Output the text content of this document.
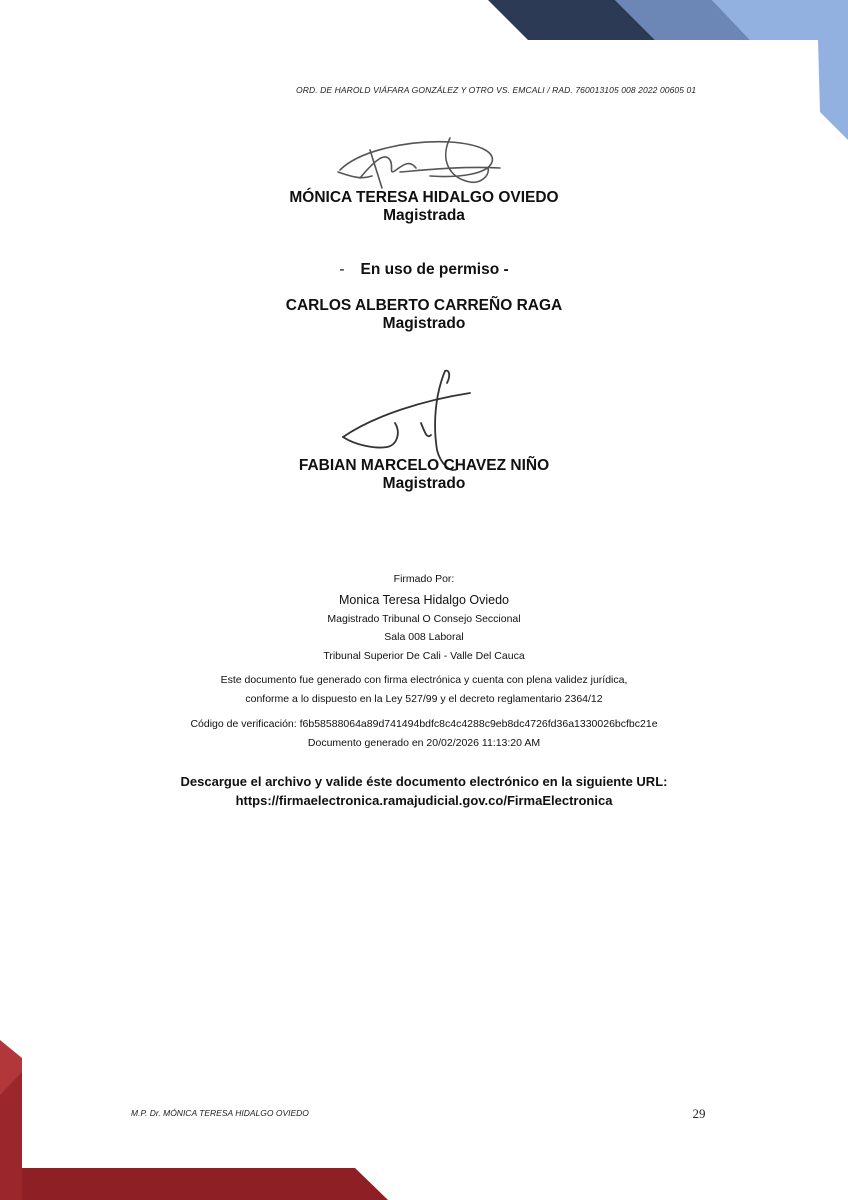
ORD. DE HAROLD VIÁFARA GONZÁLEZ Y OTRO VS. EMCALI / RAD. 760013105 008 2022 00605 01
MÓNICA TERESA HIDALGO OVIEDO
Magistrada
- En uso de permiso -
CARLOS ALBERTO CARREÑO RAGA
Magistrado
FABIAN MARCELO CHAVEZ NIÑO
Magistrado
Firmado Por:
Monica Teresa Hidalgo Oviedo
Magistrado Tribunal O Consejo Seccional
Sala 008 Laboral
Tribunal Superior De Cali - Valle Del Cauca
Este documento fue generado con firma electrónica y cuenta con plena validez jurídica,
conforme a lo dispuesto en la Ley 527/99 y el decreto reglamentario 2364/12
Código de verificación: f6b58588064a89d741494bdfc8c4c4288c9eb8dc4726fd36a1330026bcfbc21e
Documento generado en 20/02/2026 11:13:20 AM
Descargue el archivo y valide éste documento electrónico en la siguiente URL:
https://firmaelectronica.ramajudicial.gov.co/FirmaElectronica
M.P. Dr. MÓNICA TERESA HIDALGO OVIEDO	29
